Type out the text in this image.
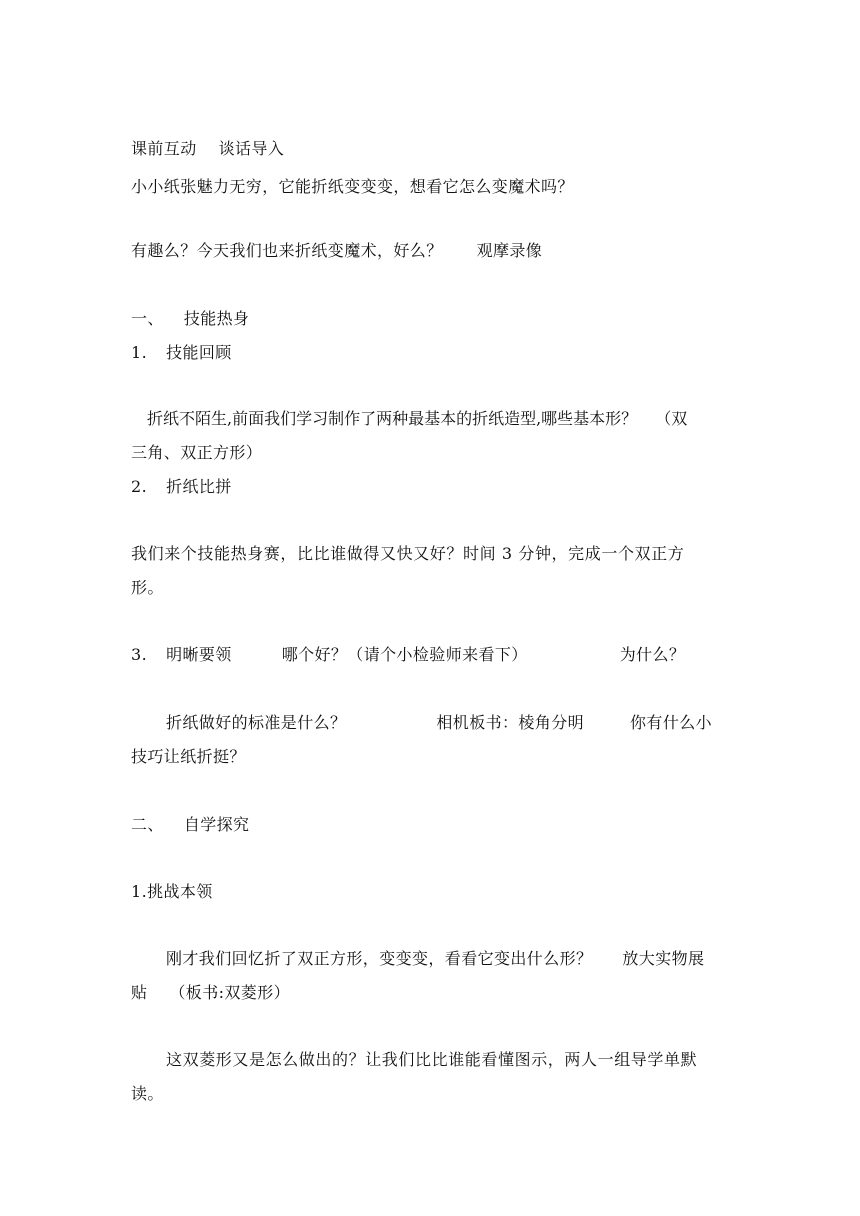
课前互动 谈话导入
小小纸张魅力无穷，它能折纸变变变，想看它怎么变魔术吗？
有趣么？今天我们也来折纸变魔术，好么？ 观摩录像
一、 技能热身
1. 技能回顾
折纸不陌生,前面我们学习制作了两种最基本的折纸造型,哪些基本形？ （双
三角、双正方形）
2. 折纸比拼
我们来个技能热身赛，比比谁做得又快又好？时间 3 分钟，完成一个双正方
形。
3. 明晰要领	哪个好？（请个小检验师来看下）	为什么？
折纸做好的标准是什么？	相机板书：棱角分明	你有什么小
技巧让纸折挺？
二、 自学探究
1.挑战本领
刚才我们回忆折了双正方形，变变变，看看它变出什么形？ 放大实物展
贴 （板书:双菱形）
这双菱形又是怎么做出的？让我们比比谁能看懂图示，两人一组导学单默
读。
